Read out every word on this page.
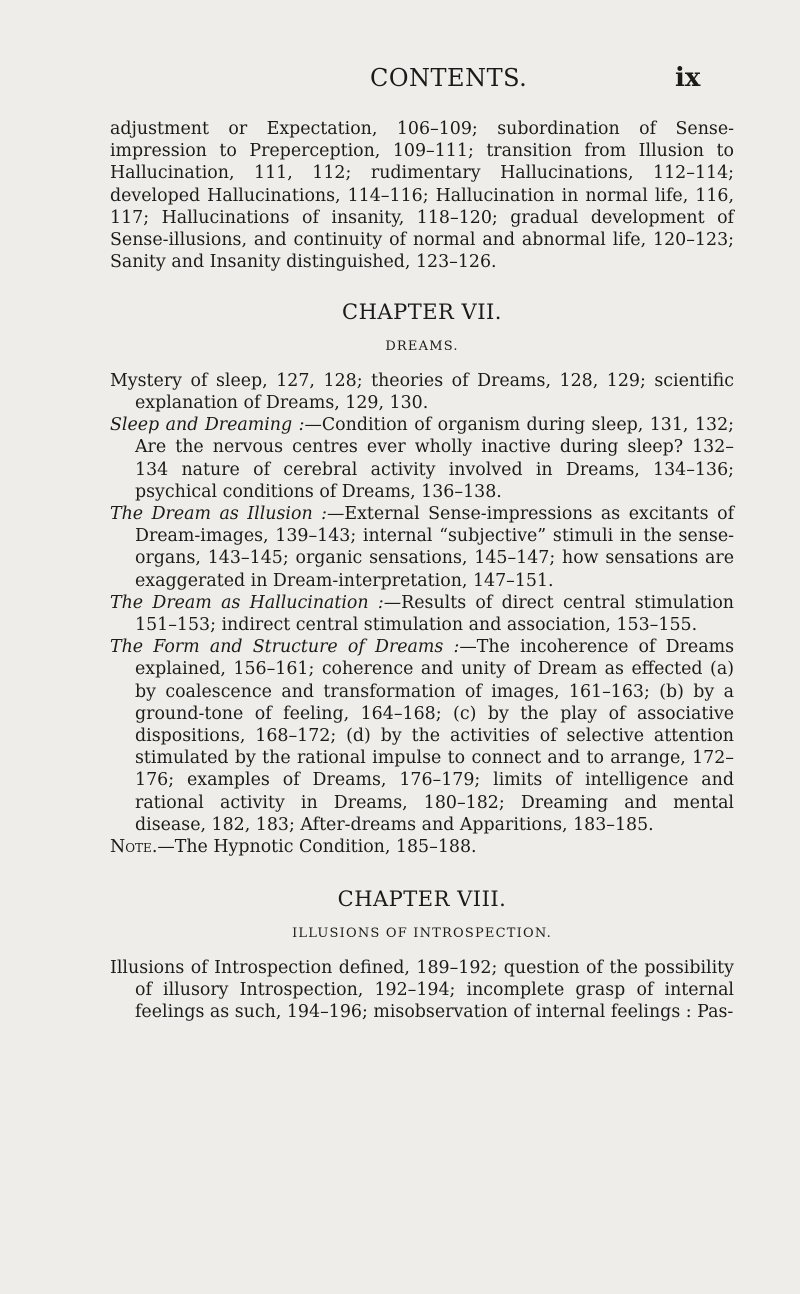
CONTENTS.	ix

adjustment or Expectation, 106–109; subordination of Sense-impression to Preperception, 109–111; transition from Illusion to Hallucination, 111, 112; rudimentary Hallucinations, 112–114; developed Hallucinations, 114–116; Hallucination in normal life, 116, 117; Hallucinations of insanity, 118–120; gradual development of Sense-illusions, and continuity of normal and abnormal life, 120–123; Sanity and Insanity distinguished, 123–126.

CHAPTER VII.
DREAMS.

Mystery of sleep, 127, 128; theories of Dreams, 128, 129; scientific explanation of Dreams, 129, 130.

Sleep and Dreaming :—Condition of organism during sleep, 131, 132; Are the nervous centres ever wholly inactive during sleep? 132–134 nature of cerebral activity involved in Dreams, 134–136; psychical conditions of Dreams, 136–138.

The Dream as Illusion :—External Sense-impressions as excitants of Dream-images, 139–143; internal “subjective” stimuli in the sense-organs, 143–145; organic sensations, 145–147; how sensations are exaggerated in Dream-interpretation, 147–151.

The Dream as Hallucination :—Results of direct central stimulation 151–153; indirect central stimulation and association, 153–155.

The Form and Structure of Dreams :—The incoherence of Dreams explained, 156–161; coherence and unity of Dream as effected (a) by coalescence and transformation of images, 161–163; (b) by a ground-tone of feeling, 164–168; (c) by the play of associative dispositions, 168–172; (d) by the activities of selective attention stimulated by the rational impulse to connect and to arrange, 172–176; examples of Dreams, 176–179; limits of intelligence and rational activity in Dreams, 180–182; Dreaming and mental disease, 182, 183; After-dreams and Apparitions, 183–185.

Note.—The Hypnotic Condition, 185–188.

CHAPTER VIII.
ILLUSIONS OF INTROSPECTION.

Illusions of Introspection defined, 189–192; question of the possibility of illusory Introspection, 192–194; incomplete grasp of internal feelings as such, 194–196; misobservation of internal feelings : Pas-
